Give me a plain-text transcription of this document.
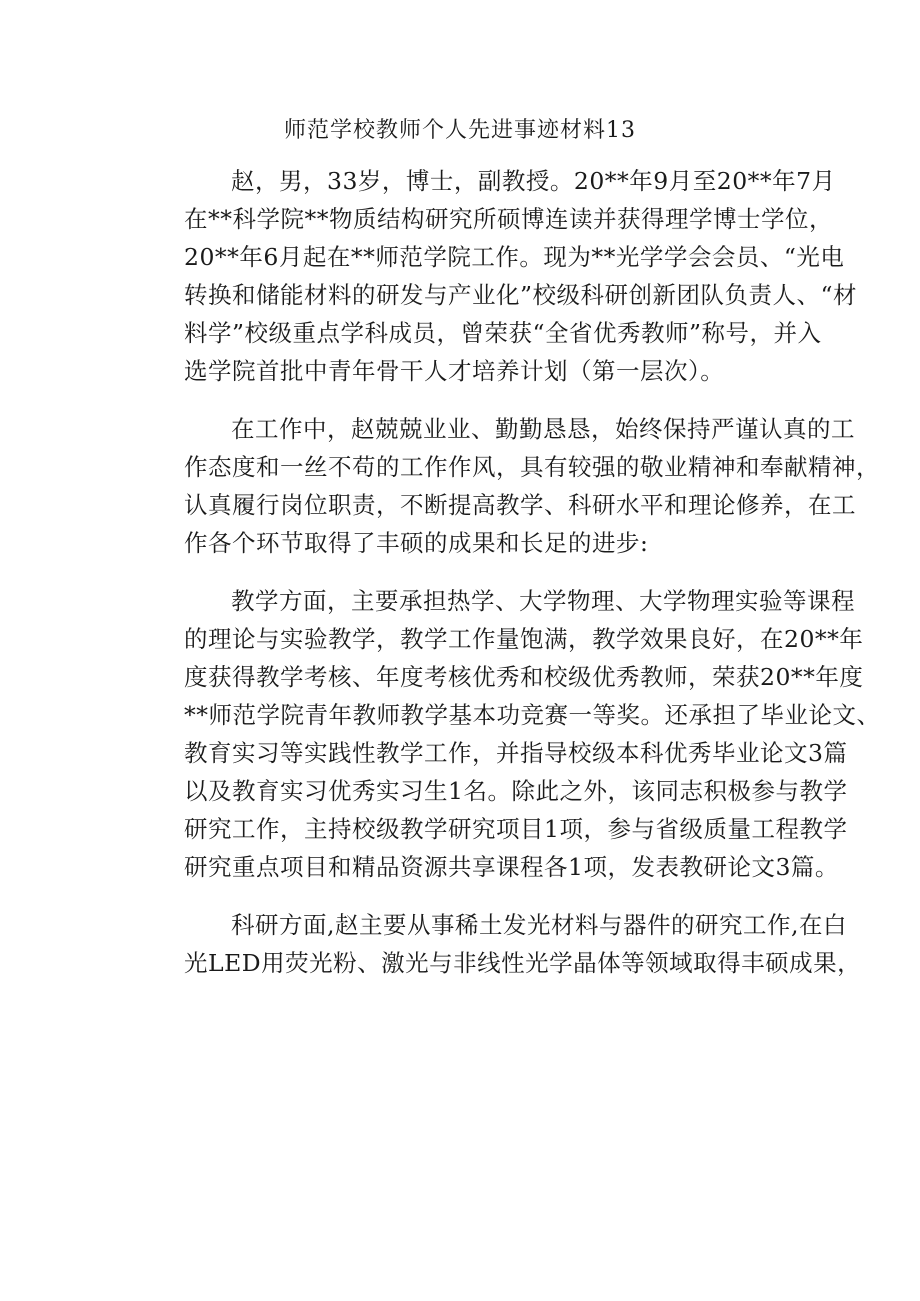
师范学校教师个人先进事迹材料13
赵，男，33岁，博士，副教授。20**年9月至20**年7月
在**科学院**物质结构研究所硕博连读并获得理学博士学位，
20**年6月起在**师范学院工作。现为**光学学会会员、“光电
转换和储能材料的研发与产业化”校级科研创新团队负责人、“材
料学”校级重点学科成员，曾荣获“全省优秀教师”称号，并入
选学院首批中青年骨干人才培养计划（第一层次）。
在工作中，赵兢兢业业、勤勤恳恳，始终保持严谨认真的工
作态度和一丝不苟的工作作风，具有较强的敬业精神和奉献精神，
认真履行岗位职责，不断提高教学、科研水平和理论修养，在工
作各个环节取得了丰硕的成果和长足的进步:
教学方面，主要承担热学、大学物理、大学物理实验等课程
的理论与实验教学，教学工作量饱满，教学效果良好，在20**年
度获得教学考核、年度考核优秀和校级优秀教师，荣获20**年度
**师范学院青年教师教学基本功竞赛一等奖。还承担了毕业论文、
教育实习等实践性教学工作，并指导校级本科优秀毕业论文3篇
以及教育实习优秀实习生1名。除此之外，该同志积极参与教学
研究工作，主持校级教学研究项目1项，参与省级质量工程教学
研究重点项目和精品资源共享课程各1项，发表教研论文3篇。
科研方面,赵主要从事稀土发光材料与器件的研究工作,在白
光LED用荧光粉、激光与非线性光学晶体等领域取得丰硕成果，
